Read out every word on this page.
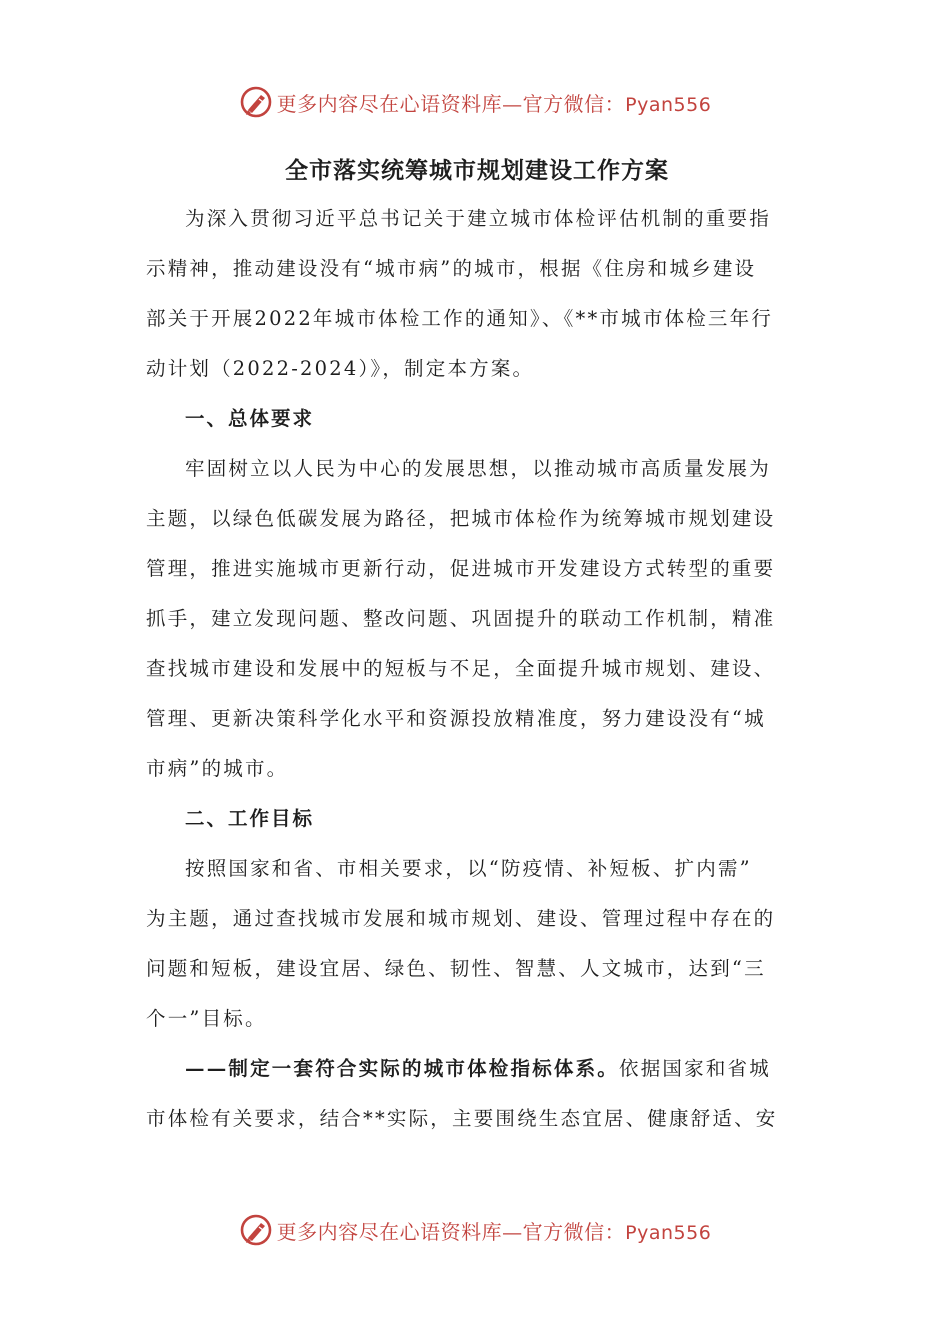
更多内容尽在心语资料库—官方微信：Pyan556
全市落实统筹城市规划建设工作方案

为深入贯彻习近平总书记关于建立城市体检评估机制的重要指
示精神，推动建设没有“城市病”的城市，根据《住房和城乡建设
部关于开展2022年城市体检工作的通知》、《**市城市体检三年行
动计划（2022-2024）》，制定本方案。

一、总体要求

牢固树立以人民为中心的发展思想，以推动城市高质量发展为
主题，以绿色低碳发展为路径，把城市体检作为统筹城市规划建设
管理，推进实施城市更新行动，促进城市开发建设方式转型的重要
抓手，建立发现问题、整改问题、巩固提升的联动工作机制，精准
查找城市建设和发展中的短板与不足，全面提升城市规划、建设、
管理、更新决策科学化水平和资源投放精准度，努力建设没有“城
市病”的城市。

二、工作目标

按照国家和省、市相关要求，以“防疫情、补短板、扩内需”
为主题，通过查找城市发展和城市规划、建设、管理过程中存在的
问题和短板，建设宜居、绿色、韧性、智慧、人文城市，达到“三
个一”目标。

——制定一套符合实际的城市体检指标体系。依据国家和省城
市体检有关要求，结合**实际，主要围绕生态宜居、健康舒适、安

更多内容尽在心语资料库—官方微信：Pyan556
